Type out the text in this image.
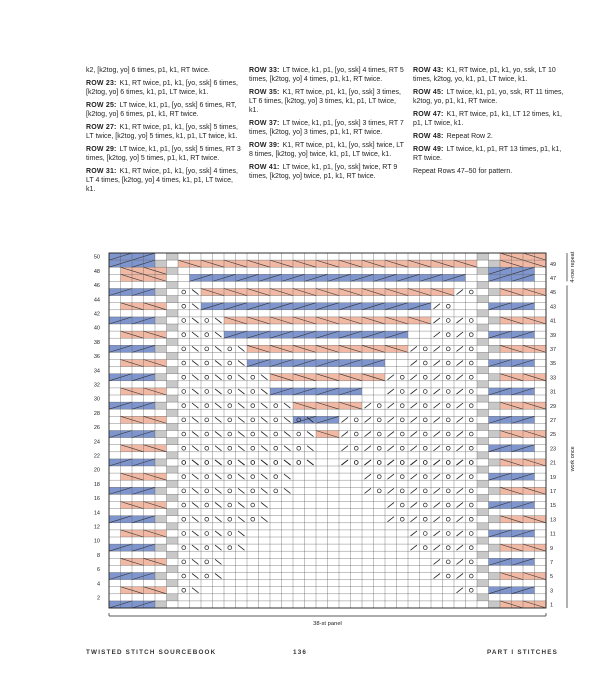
k2, [k2tog, yo] 6 times, p1, k1, RT twice.
ROW 23: K1, RT twice, p1, k1, [yo, ssk] 6 times, [k2tog, yo] 6 times, k1, p1, LT twice, k1.
ROW 25: LT twice, k1, p1, [yo, ssk] 6 times, RT, [k2tog, yo] 6 times, p1, k1, RT twice.
ROW 27: K1, RT twice, p1, k1, [yo, ssk] 5 times, LT twice, [k2tog, yo] 5 times, k1, p1, LT twice, k1.
ROW 29: LT twice, k1, p1, [yo, ssk] 5 times, RT 3 times, [k2tog, yo] 5 times, p1, k1, RT twice.
ROW 31: K1, RT twice, p1, k1, [yo, ssk] 4 times, LT 4 times, [k2tog, yo] 4 times, k1, p1, LT twice, k1.
ROW 33: LT twice, k1, p1, [yo, ssk] 4 times, RT 5 times, [k2tog, yo] 4 times, p1, k1, RT twice.
ROW 35: K1, RT twice, p1, k1, [yo, ssk] 3 times, LT 6 times, [k2tog, yo] 3 times, k1, p1, LT twice, k1.
ROW 37: LT twice, k1, p1, [yo, ssk] 3 times, RT 7 times, [k2tog, yo] 3 times, p1, k1, RT twice.
ROW 39: K1, RT twice, p1, k1, [yo, ssk] twice, LT 8 times, [k2tog, yo] twice, k1, p1, LT twice, k1.
ROW 41: LT twice, k1, p1, [yo, ssk] twice, RT 9 times, [k2tog, yo] twice, p1, k1, RT twice.
ROW 43: K1, RT twice, p1, k1, yo, ssk, LT 10 times, k2tog, yo, k1, p1, LT twice, k1.
ROW 45: LT twice, k1, p1, yo, ssk, RT 11 times, k2tog, yo, p1, k1, RT twice.
ROW 47: K1, RT twice, p1, k1, LT 12 times, k1, p1, LT twice, k1.
ROW 48: Repeat Row 2.
ROW 49: LT twice, k1, p1, RT 13 times, p1, k1, RT twice.
Repeat Rows 47–50 for pattern.
2
4
6
8
10
12
14
16
18
20
22
24
26
28
30
32
34
36
38
40
42
44
46
48
50
1
3
5
7
9
11
13
15
17
19
21
23
25
27
29
31
33
35
37
39
41
43
45
47
49	4-row repeat
work once
38-st panel
TWISTED STITCH SOURCEBOOK	136	PART I STITCHES
